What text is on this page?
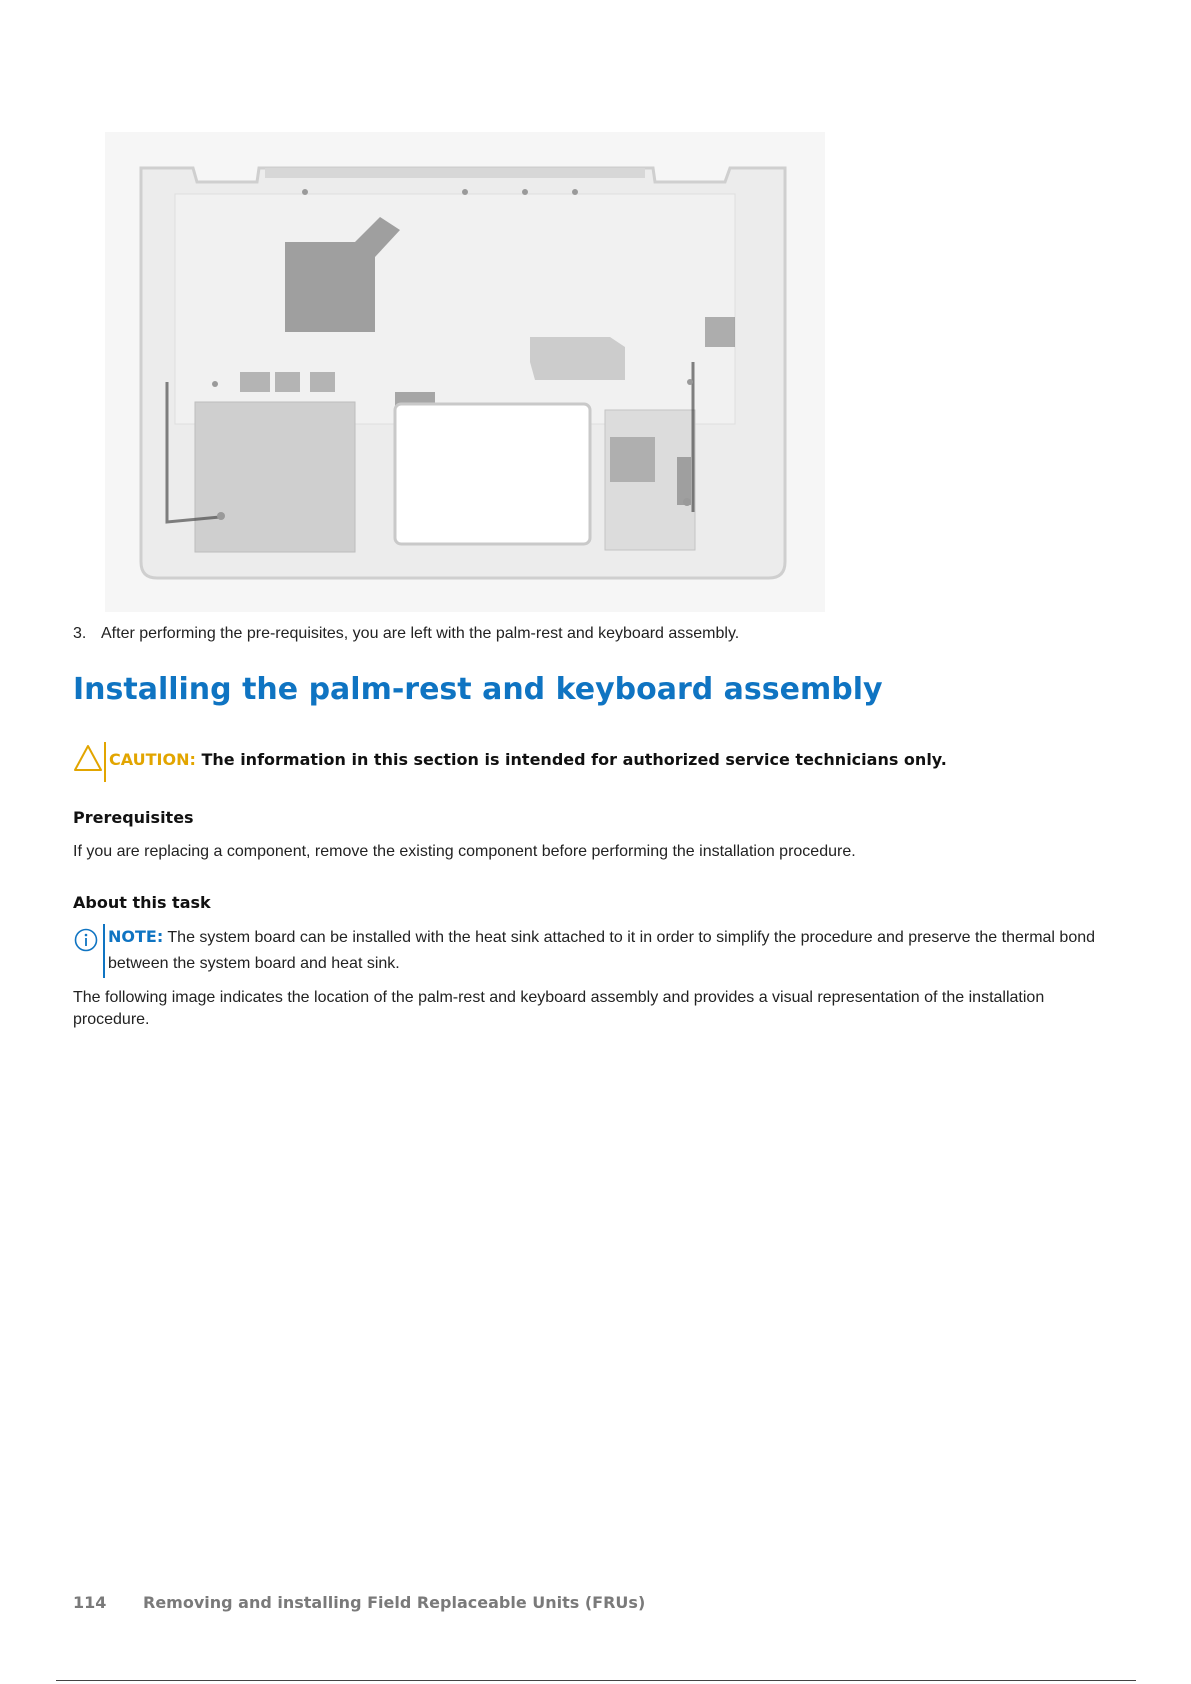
3. After performing the pre-requisites, you are left with the palm-rest and keyboard assembly.
Installing the palm-rest and keyboard assembly
CAUTION: The information in this section is intended for authorized service technicians only.
Prerequisites

If you are replacing a component, remove the existing component before performing the installation procedure.

About this task
NOTE: The system board can be installed with the heat sink attached to it in order to simplify the procedure and preserve the thermal bond between the system board and heat sink.

The following image indicates the location of the palm-rest and keyboard assembly and provides a visual representation of the installation procedure.

114 Removing and installing Field Replaceable Units (FRUs)
